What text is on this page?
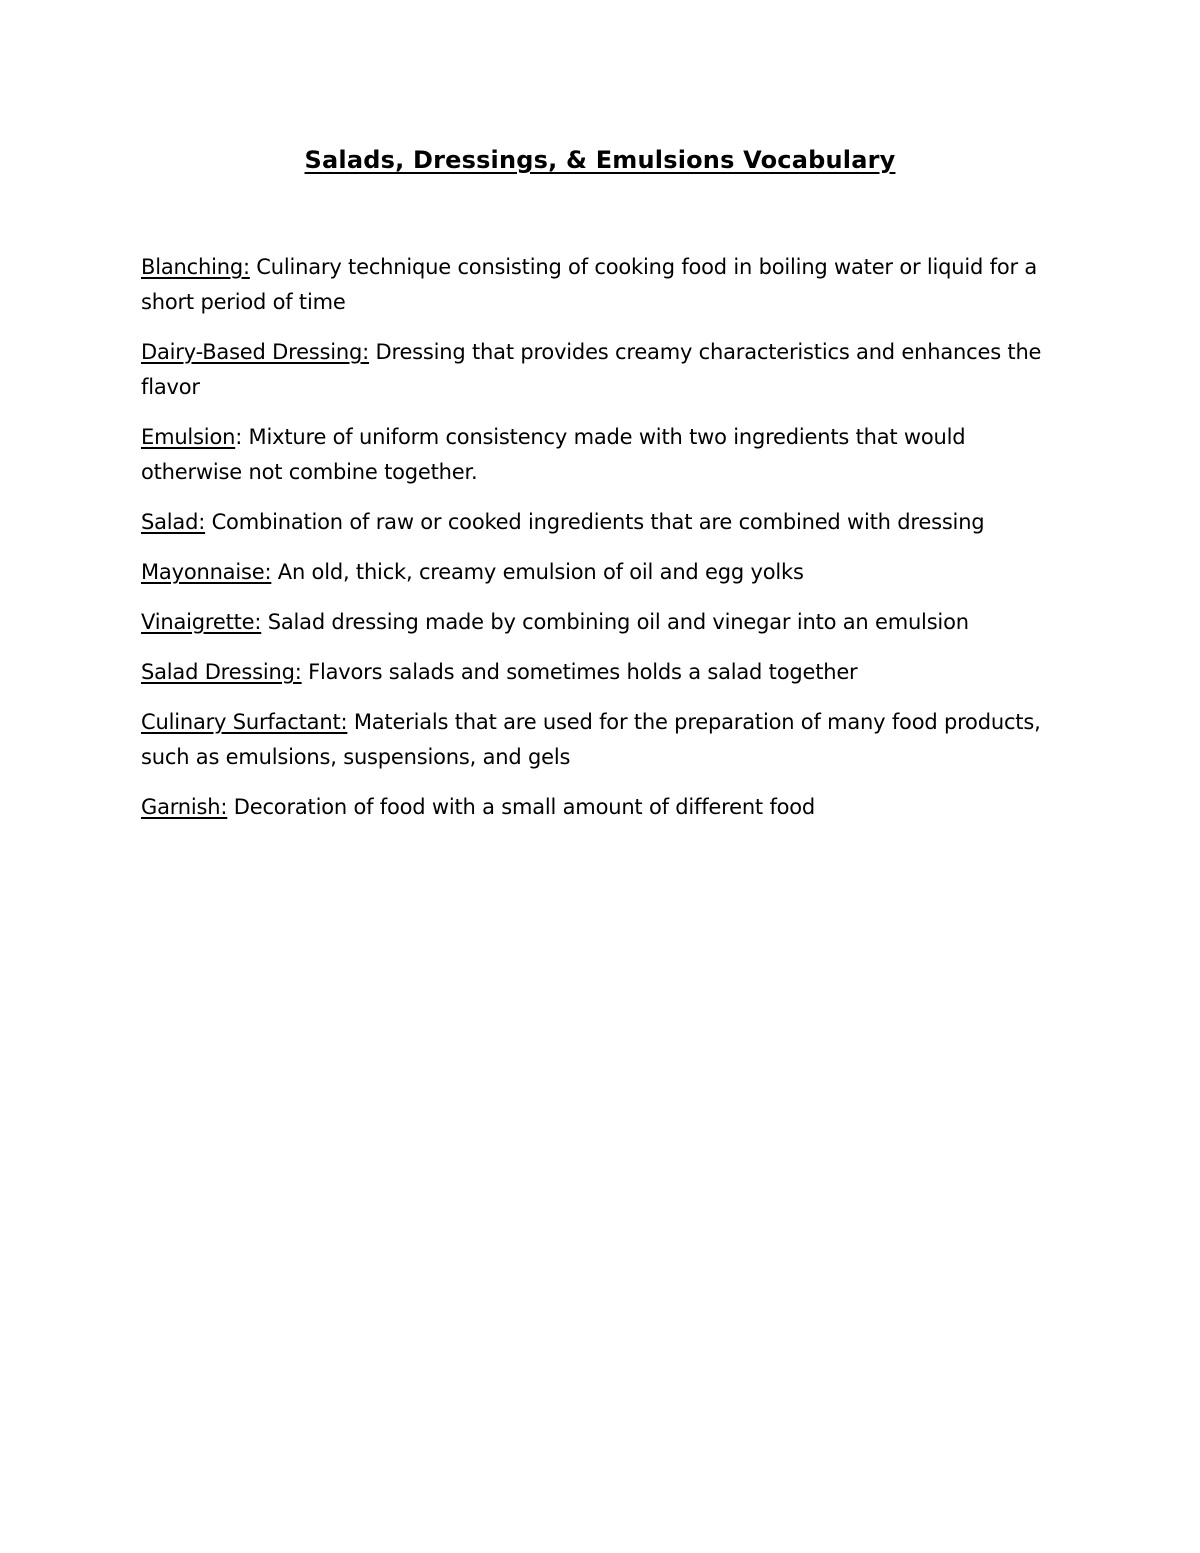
Salads, Dressings, & Emulsions Vocabulary
Blanching: Culinary technique consisting of cooking food in boiling water or liquid for a short period of time
Dairy-Based Dressing: Dressing that provides creamy characteristics and enhances the flavor
Emulsion: Mixture of uniform consistency made with two ingredients that would otherwise not combine together.
Salad: Combination of raw or cooked ingredients that are combined with dressing
Mayonnaise: An old, thick, creamy emulsion of oil and egg yolks
Vinaigrette: Salad dressing made by combining oil and vinegar into an emulsion
Salad Dressing: Flavors salads and sometimes holds a salad together
Culinary Surfactant: Materials that are used for the preparation of many food products, such as emulsions, suspensions, and gels
Garnish: Decoration of food with a small amount of different food
